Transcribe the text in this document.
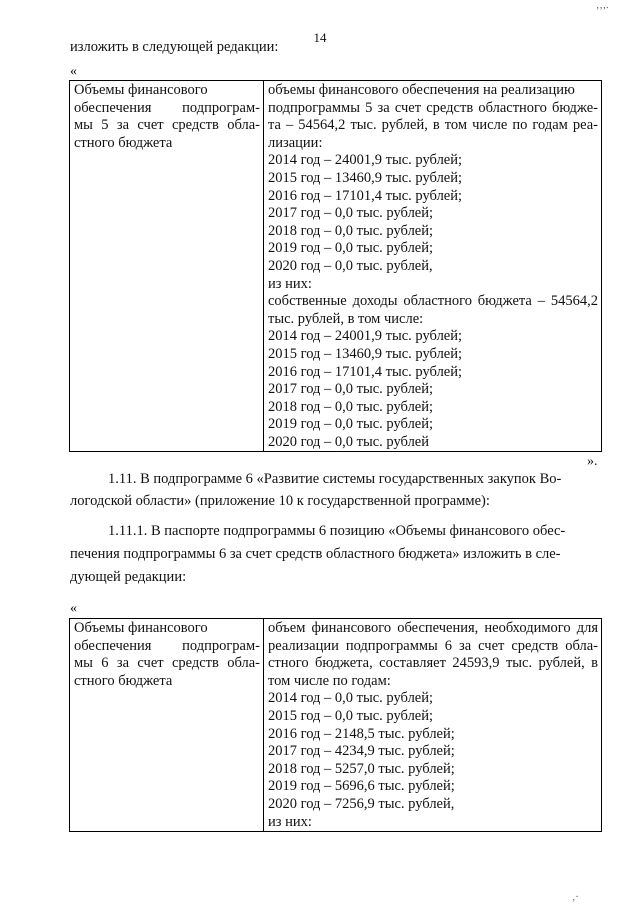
‚‚‚.
14
изложить в следующей редакции:
«
Объемы финансового
обеспечения подпрограм-
мы 5 за счет средств обла-
стного бюджета

объемы финансового обеспечения на реализацию
подпрограммы 5 за счет средств областного бюдже-
та – 54564,2 тыс. рублей, в том числе по годам реа-
лизации:
2014 год – 24001,9 тыс. рублей;
2015 год – 13460,9 тыс. рублей;
2016 год – 17101,4 тыс. рублей;
2017 год – 0,0 тыс. рублей;
2018 год – 0,0 тыс. рублей;
2019 год – 0,0 тыс. рублей;
2020 год – 0,0 тыс. рублей,
из них:
собственные доходы областного бюджета – 54564,2
тыс. рублей, в том числе:
2014 год – 24001,9 тыс. рублей;
2015 год – 13460,9 тыс. рублей;
2016 год – 17101,4 тыс. рублей;
2017 год – 0,0 тыс. рублей;
2018 год – 0,0 тыс. рублей;
2019 год – 0,0 тыс. рублей;
2020 год – 0,0 тыс. рублей
».
1.11. В подпрограмме 6 «Развитие системы государственных закупок Во-
логодской области» (приложение 10 к государственной программе):
1.11.1. В паспорте подпрограммы 6 позицию «Объемы финансового обес-
печения подпрограммы 6 за счет средств областного бюджета» изложить в сле-
дующей редакции:
«
Объемы финансового
обеспечения подпрограм-
мы 6 за счет средств обла-
стного бюджета

объем финансового обеспечения, необходимого для
реализации подпрограммы 6 за счет средств обла-
стного бюджета, составляет 24593,9 тыс. рублей, в
том числе по годам:
2014 год – 0,0 тыс. рублей;
2015 год – 0,0 тыс. рублей;
2016 год – 2148,5 тыс. рублей;
2017 год – 4234,9 тыс. рублей;
2018 год – 5257,0 тыс. рублей;
2019 год – 5696,6 тыс. рублей;
2020 год – 7256,9 тыс. рублей,
из них:
‚·
